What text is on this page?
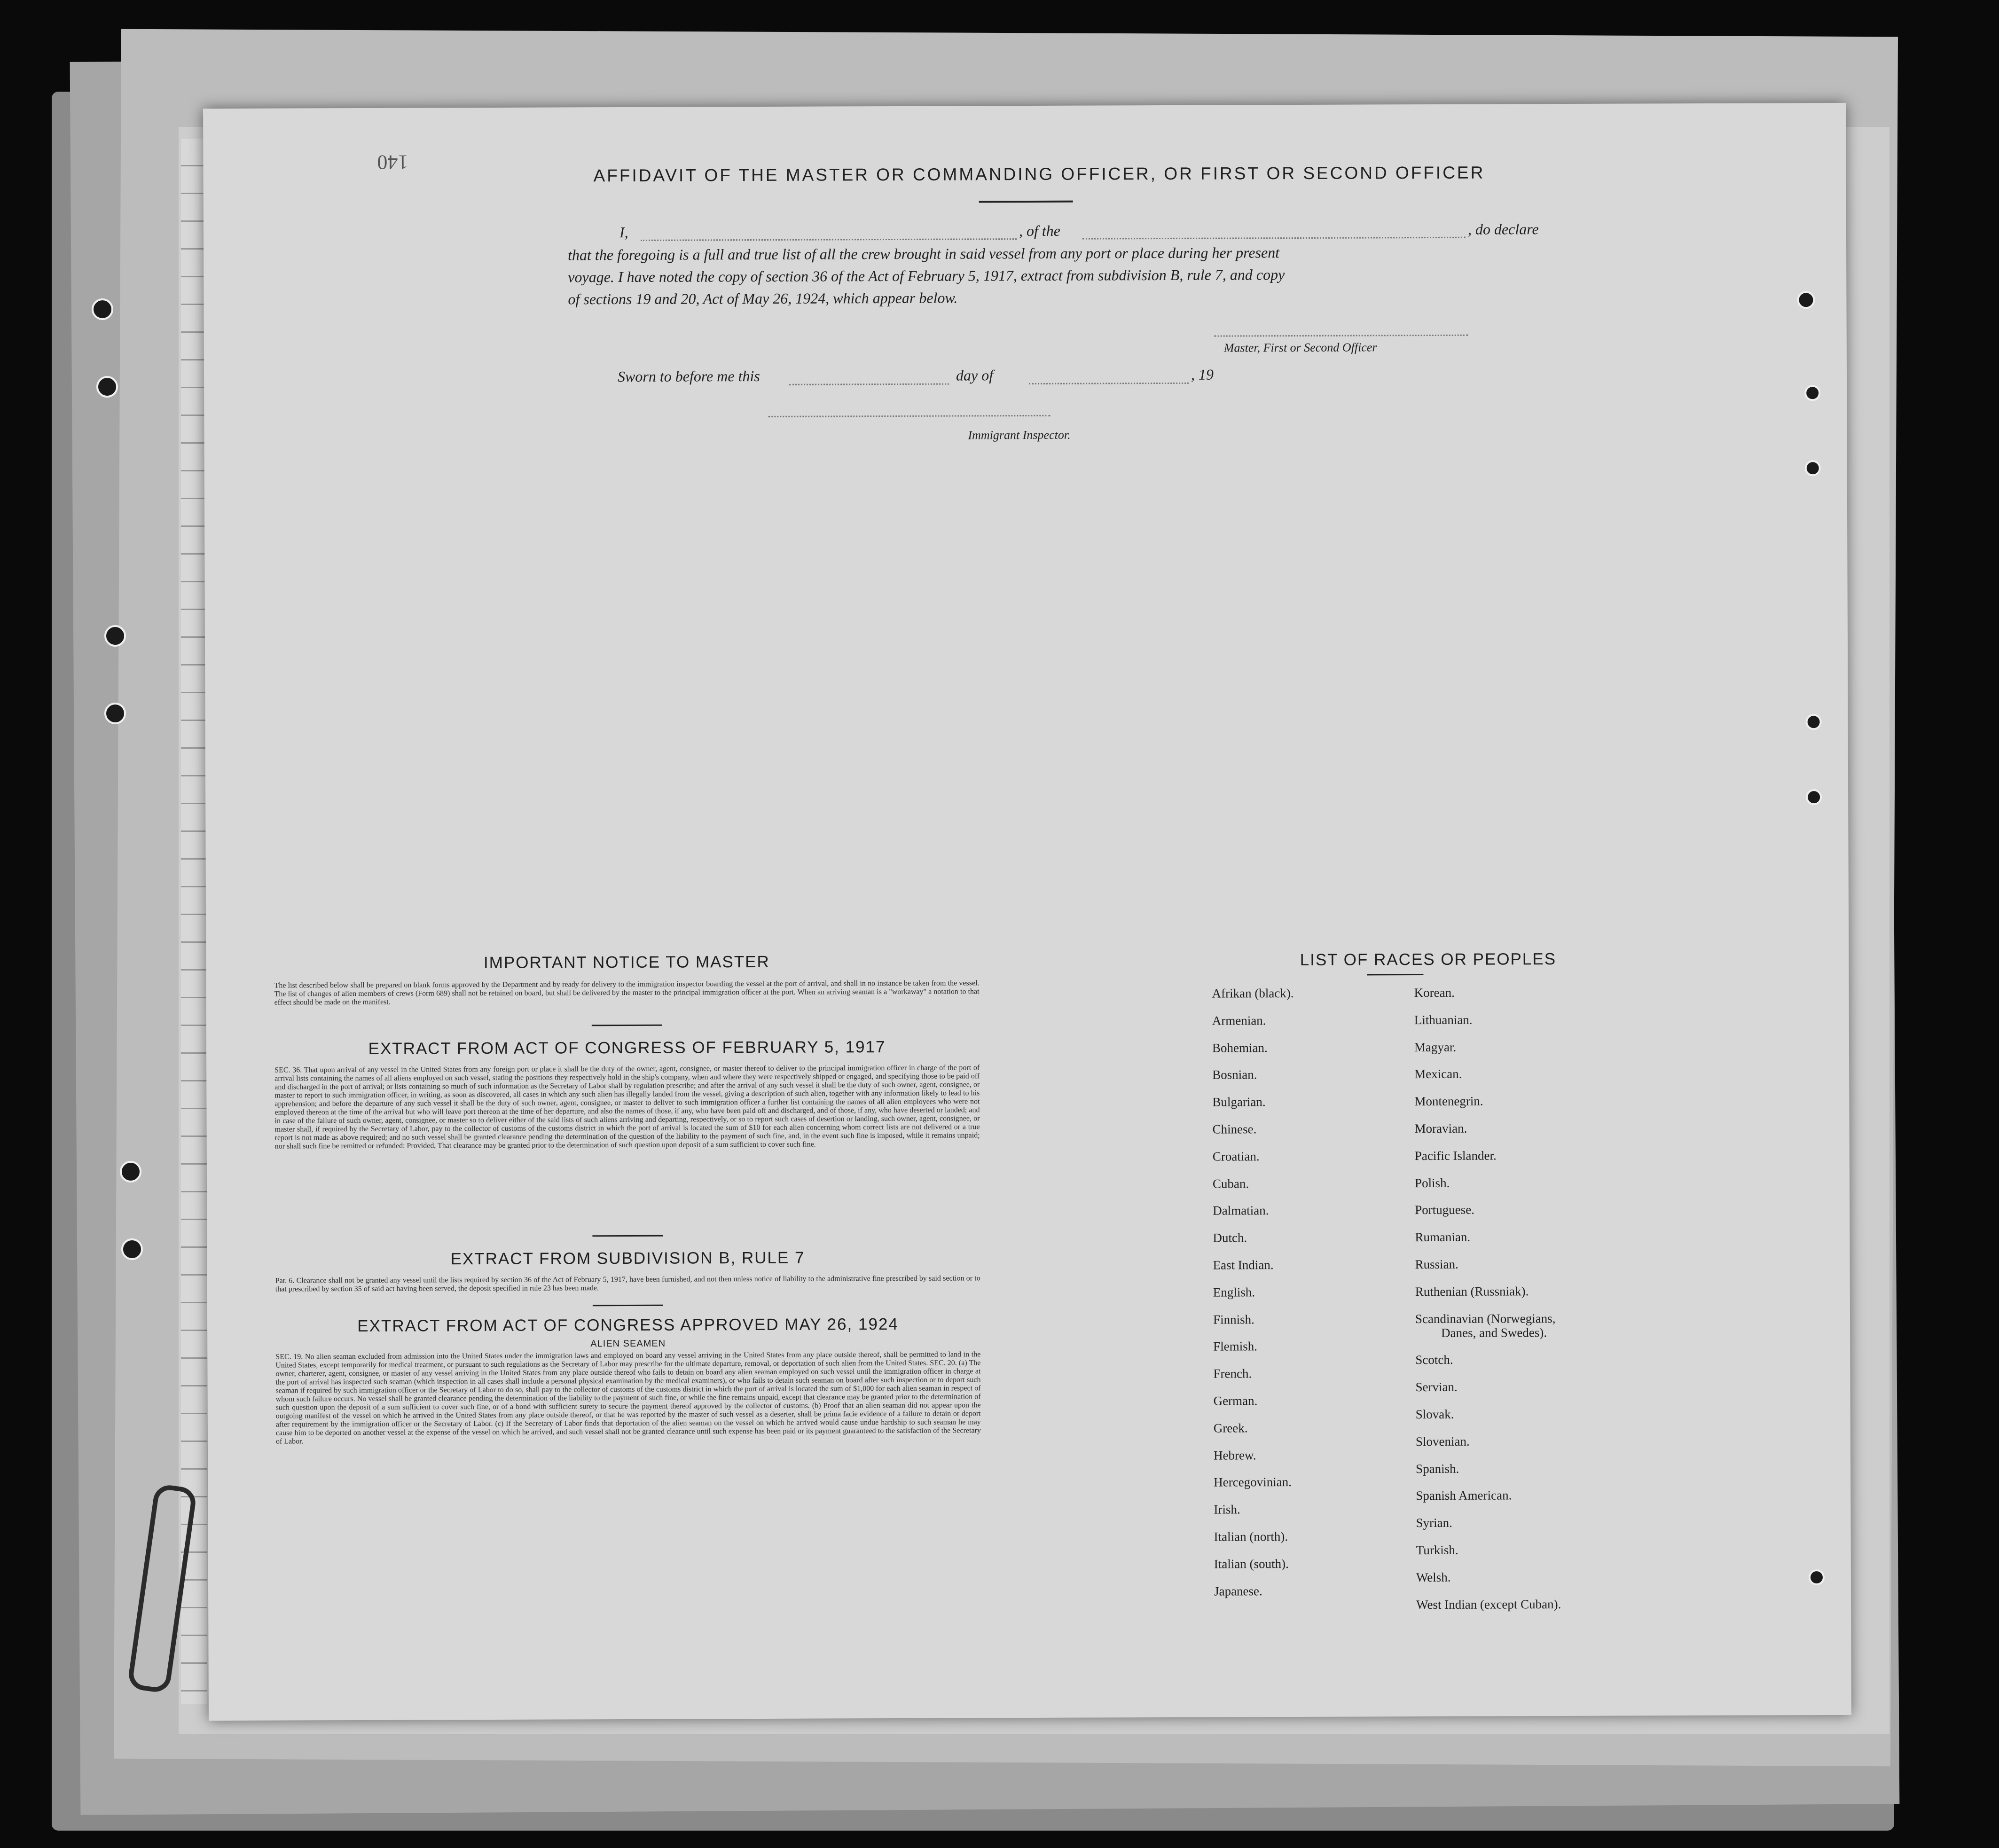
140
AFFIDAVIT OF THE MASTER OR COMMANDING OFFICER, OR FIRST OR SECOND OFFICER
I,	, of the	, do declare
that the foregoing is a full and true list of all the crew brought in said vessel from any port or place during her present
voyage. I have noted the copy of section 36 of the Act of February 5, 1917, extract from subdivision B, rule 7, and copy
of sections 19 and 20, Act of May 26, 1924, which appear below.
Master, First or Second Officer
Sworn to before me this	day of	, 19
Immigrant Inspector.
IMPORTANT NOTICE TO MASTER
The list described below shall be prepared on blank forms approved by the Department and by ready for delivery to the immigration inspector boarding the vessel at the port of arrival, and shall in no instance be taken from the vessel. The list of changes of alien members of crews (Form 689) shall not be retained on board, but shall be delivered by the master to the principal immigration officer at the port. When an arriving seaman is a "workaway" a notation to that effect should be made on the manifest.
EXTRACT FROM ACT OF CONGRESS OF FEBRUARY 5, 1917
SEC. 36. That upon arrival of any vessel in the United States from any foreign port or place it shall be the duty of the owner, agent, consignee, or master thereof to deliver to the principal immigration officer in charge of the port of arrival lists containing the names of all aliens employed on such vessel, stating the positions they respectively hold in the ship's company, when and where they were respectively shipped or engaged, and specifying those to be paid off and discharged in the port of arrival; or lists containing so much of such information as the Secretary of Labor shall by regulation prescribe; and after the arrival of any such vessel it shall be the duty of such owner, agent, consignee, or master to report to such immigration officer, in writing, as soon as discovered, all cases in which any such alien has illegally landed from the vessel, giving a description of such alien, together with any information likely to lead to his apprehension; and before the departure of any such vessel it shall be the duty of such owner, agent, consignee, or master to deliver to such immigration officer a further list containing the names of all alien employees who were not employed thereon at the time of the arrival but who will leave port thereon at the time of her departure, and also the names of those, if any, who have been paid off and discharged, and of those, if any, who have deserted or landed; and in case of the failure of such owner, agent, consignee, or master so to deliver either of the said lists of such aliens arriving and departing, respectively, or so to report such cases of desertion or landing, such owner, agent, consignee, or master shall, if required by the Secretary of Labor, pay to the collector of customs of the customs district in which the port of arrival is located the sum of $10 for each alien concerning whom correct lists are not delivered or a true report is not made as above required; and no such vessel shall be granted clearance pending the determination of the question of the liability to the payment of such fine, and, in the event such fine is imposed, while it remains unpaid; nor shall such fine be remitted or refunded: Provided, That clearance may be granted prior to the determination of such question upon deposit of a sum sufficient to cover such fine.
EXTRACT FROM SUBDIVISION B, RULE 7
Par. 6. Clearance shall not be granted any vessel until the lists required by section 36 of the Act of February 5, 1917, have been furnished, and not then unless notice of liability to the administrative fine prescribed by said section or to that prescribed by section 35 of said act having been served, the deposit specified in rule 23 has been made.
EXTRACT FROM ACT OF CONGRESS APPROVED MAY 26, 1924
ALIEN SEAMEN
SEC. 19. No alien seaman excluded from admission into the United States under the immigration laws and employed on board any vessel arriving in the United States from any place outside thereof, shall be permitted to land in the United States, except temporarily for medical treatment, or pursuant to such regulations as the Secretary of Labor may prescribe for the ultimate departure, removal, or deportation of such alien from the United States. SEC. 20. (a) The owner, charterer, agent, consignee, or master of any vessel arriving in the United States from any place outside thereof who fails to detain on board any alien seaman employed on such vessel until the immigration officer in charge at the port of arrival has inspected such seaman (which inspection in all cases shall include a personal physical examination by the medical examiners), or who fails to detain such seaman on board after such inspection or to deport such seaman if required by such immigration officer or the Secretary of Labor to do so, shall pay to the collector of customs of the customs district in which the port of arrival is located the sum of $1,000 for each alien seaman in respect of whom such failure occurs. No vessel shall be granted clearance pending the determination of the liability to the payment of such fine, or while the fine remains unpaid, except that clearance may be granted prior to the determination of such question upon the deposit of a sum sufficient to cover such fine, or of a bond with sufficient surety to secure the payment thereof approved by the collector of customs. (b) Proof that an alien seaman did not appear upon the outgoing manifest of the vessel on which he arrived in the United States from any place outside thereof, or that he was reported by the master of such vessel as a deserter, shall be prima facie evidence of a failure to detain or deport after requirement by the immigration officer or the Secretary of Labor. (c) If the Secretary of Labor finds that deportation of the alien seaman on the vessel on which he arrived would cause undue hardship to such seaman he may cause him to be deported on another vessel at the expense of the vessel on which he arrived, and such vessel shall not be granted clearance until such expense has been paid or its payment guaranteed to the satisfaction of the Secretary of Labor.
LIST OF RACES OR PEOPLES
Afrikan (black).
Armenian.
Bohemian.
Bosnian.
Bulgarian.
Chinese.
Croatian.
Cuban.
Dalmatian.
Dutch.
East Indian.
English.
Finnish.
Flemish.
French.
German.
Greek.
Hebrew.
Hercegovinian.
Irish.
Italian (north).
Italian (south).
Japanese.
Korean.
Lithuanian.
Magyar.
Mexican.
Montenegrin.
Moravian.
Pacific Islander.
Polish.
Portuguese.
Rumanian.
Russian.
Ruthenian (Russniak).
Scandinavian (Norwegians,
Danes, and Swedes).
Scotch.
Servian.
Slovak.
Slovenian.
Spanish.
Spanish American.
Syrian.
Turkish.
Welsh.
West Indian (except Cuban).
